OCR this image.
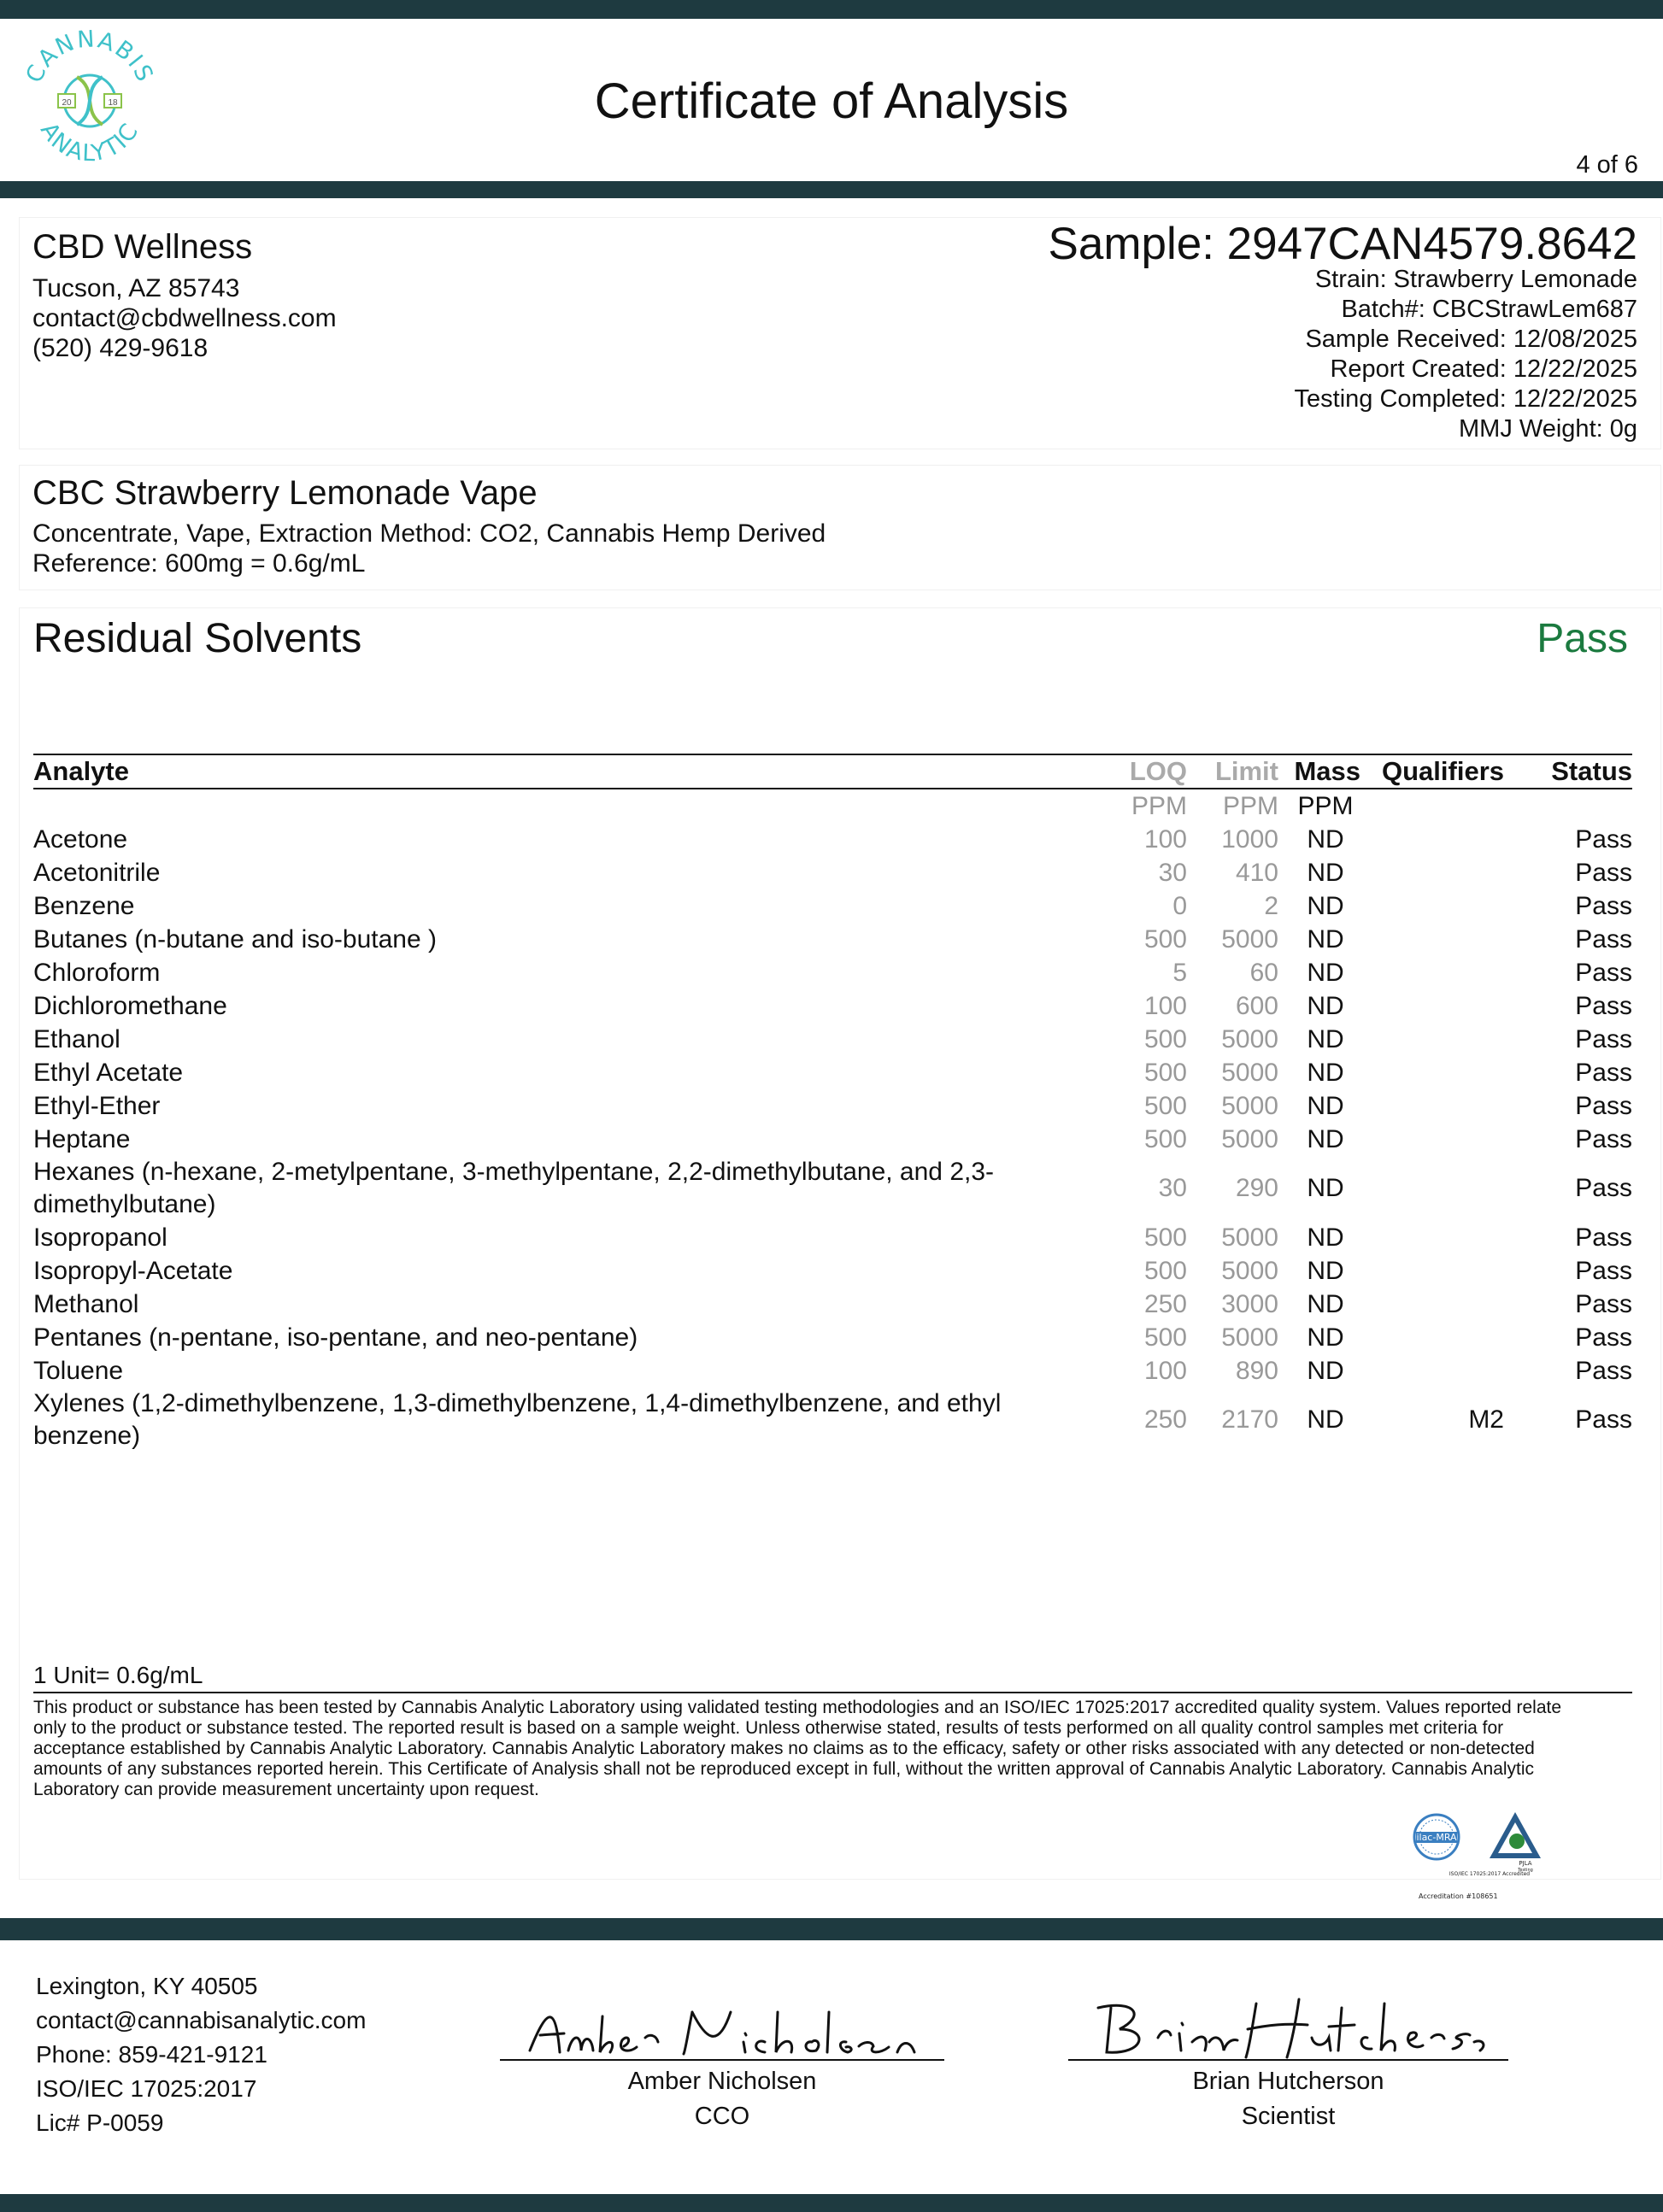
CANNABIS
ANALYTIC
20	18	Certificate of Analysis
4 of 6
CBD Wellness
Tucson, AZ 85743
contact@cbdwellness.com
(520) 429-9618
Sample: 2947CAN4579.8642
Strain: Strawberry Lemonade
Batch#: CBCStrawLem687
Sample Received: 12/08/2025
Report Created: 12/22/2025
Testing Completed: 12/22/2025
MMJ Weight: 0g
CBC Strawberry Lemonade Vape
Concentrate, Vape, Extraction Method: CO2, Cannabis Hemp Derived
Reference: 600mg = 0.6g/mL
Residual Solvents	Pass
Analyte	LOQ	Limit	Mass	Qualifiers	Status
	PPM	PPM	PPM		
Acetone	100	1000	ND		Pass
Acetonitrile	30	410	ND		Pass
Benzene	0	2	ND		Pass
Butanes (n-butane and iso-butane )	500	5000	ND		Pass
Chloroform	5	60	ND		Pass
Dichloromethane	100	600	ND		Pass
Ethanol	500	5000	ND		Pass
Ethyl Acetate	500	5000	ND		Pass
Ethyl-Ether	500	5000	ND		Pass
Heptane	500	5000	ND		Pass
Hexanes (n-hexane, 2-metylpentane, 3-methylpentane, 2,2-dimethylbutane, and 2,3-dimethylbutane)	30	290	ND		Pass
Isopropanol	500	5000	ND		Pass
Isopropyl-Acetate	500	5000	ND		Pass
Methanol	250	3000	ND		Pass
Pentanes (n-pentane, iso-pentane, and neo-pentane)	500	5000	ND		Pass
Toluene	100	890	ND		Pass
Xylenes (1,2-dimethylbenzene, 1,3-dimethylbenzene, 1,4-dimethylbenzene, and ethyl benzene)	250	2170	ND	M2	Pass
1 Unit= 0.6g/mL
This product or substance has been tested by Cannabis Analytic Laboratory using validated testing methodologies and an ISO/IEC 17025:2017 accredited quality system. Values reported relate only to the product or substance tested. The reported result is based on a sample weight. Unless otherwise stated, results of tests performed on all quality control samples met criteria for acceptance established by Cannabis Analytic Laboratory. Cannabis Analytic Laboratory makes no claims as to the efficacy, safety or other risks associated with any detected or non-detected amounts of any substances reported herein. This Certificate of Analysis shall not be reproduced except in full, without the written approval of Cannabis Analytic Laboratory. Cannabis Analytic Laboratory can provide measurement uncertainty upon request.
ilac-MRA
PJLA
Testing
ISO/IEC 17025:2017 Accredited
Accreditation #108651
Lexington, KY 40505
contact@cannabisanalytic.com
Phone: 859-421-9121
ISO/IEC 17025:2017
Lic# P-0059
Amber Nicholsen
CCO
Brian Hutcherson
Scientist
